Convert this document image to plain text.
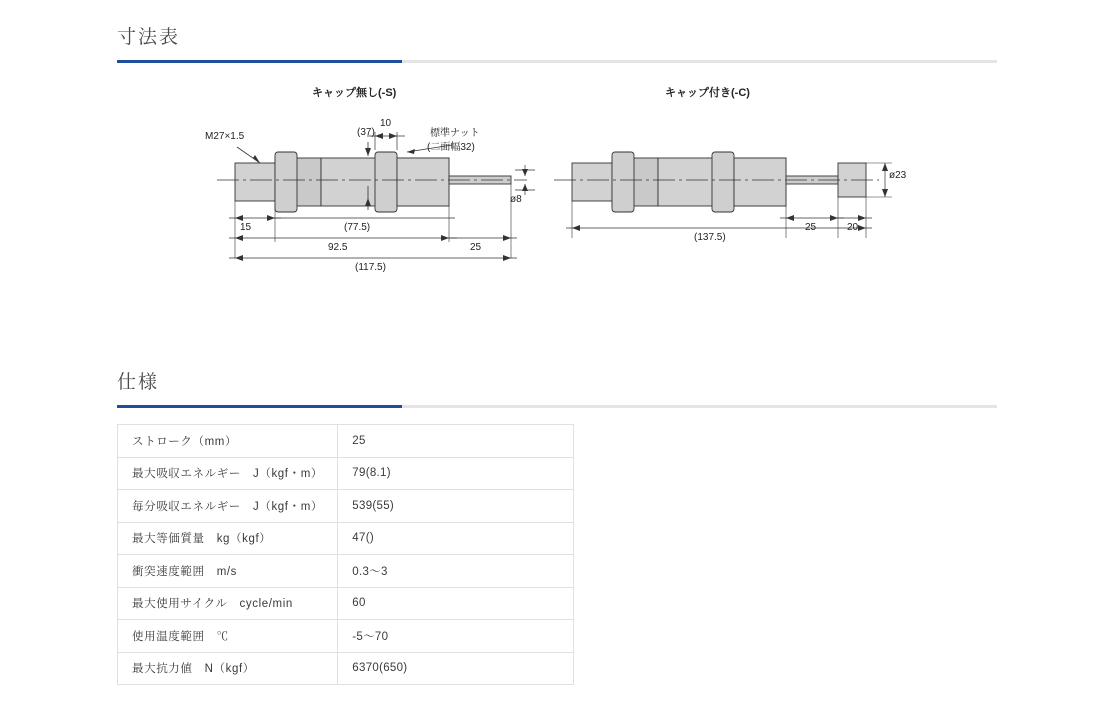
寸法表
キャップ無し(-S)	キャップ付き(-C)
M27×1.5	(37)
10
標準ナット
(二面幅32)
ø8
15	(77.5)
92.5	25
(117.5)
ø23
(137.5)
25	20
仕様
ストローク（mm）	25
最大吸収エネルギー　J（kgf・m）	79(8.1)
毎分吸収エネルギー　J（kgf・m）	539(55)
最大等価質量　kg（kgf）	47()
衝突速度範囲　m/s	0.3〜3
最大使用サイクル　cycle/min	60
使用温度範囲　℃	-5〜70
最大抗力値　N（kgf）	6370(650)
